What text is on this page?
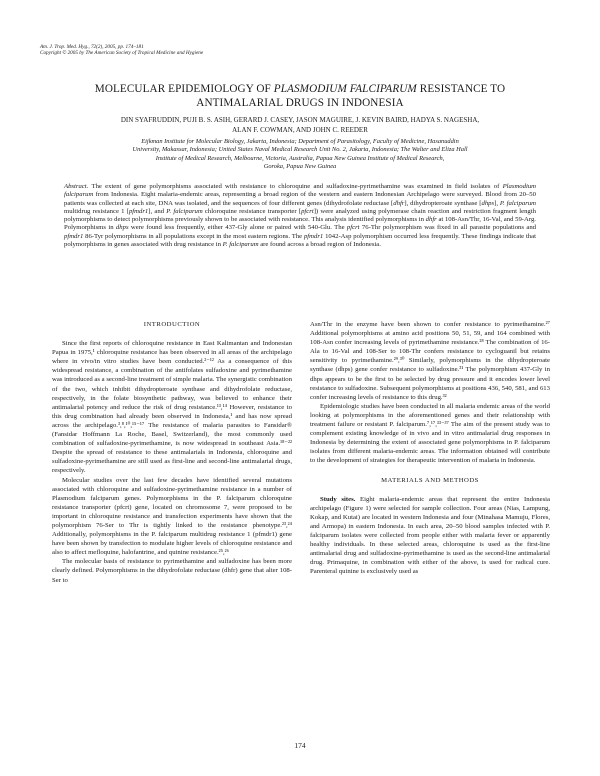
Am. J. Trop. Med. Hyg., 72(2), 2005, pp. 174–181
Copyright © 2005 by The American Society of Tropical Medicine and Hygiene
MOLECULAR EPIDEMIOLOGY OF PLASMODIUM FALCIPARUM RESISTANCE TO
ANTIMALARIAL DRUGS IN INDONESIA
DIN SYAFRUDDIN, PUJI B. S. ASIH, GERARD J. CASEY, JASON MAGUIRE, J. KEVIN BAIRD, HADYA S. NAGESHA,
ALAN F. COWMAN, AND JOHN C. REEDER
Eijkman Institute for Molecular Biology, Jakarta, Indonesia; Department of Parasitology, Faculty of Medicine, Hasanuddin
University, Makassar, Indonesia; United States Naval Medical Research Unit No. 2, Jakarta, Indonesia; The Walter and Eliza Hall
Institute of Medical Research, Melbourne, Victoria, Australia, Papua New Guinea Institute of Medical Research,
Goroka, Papua New Guinea
Abstract. The extent of gene polymorphisms associated with resistance to chloroquine and sulfadoxine-pyrimethamine was examined in field isolates of Plasmodium falciparum from Indonesia. Eight malaria-endemic areas, representing a broad region of the western and eastern Indonesian Archipelago were surveyed. Blood from 20–50 patients was collected at each site, DNA was isolated, and the sequences of four different genes (dihydrofolate reductase [dhfr], dihydropteroate synthase [dhps], P. falciparum multidrug resistance 1 [pfmdr1], and P. falciparum chloroquine resistance transporter [pfcrt]) were analyzed using polymerase chain reaction and restriction fragment length polymorphisms to detect polymorphisms previously shown to be associated with resistance. This analysis identified polymorphisms in dhfr at 108-Asn/Thr, 16-Val, and 59-Arg. Polymorphisms in dhps were found less frequently, either 437-Gly alone or paired with 540-Glu. The pfcrt 76-Thr polymorphism was fixed in all parasite populations and pfmdr1 86-Tyr polymorphisms in all populations except in the most eastern regions. The pfmdr1 1042-Asp polymorphism occurred less frequently. These findings indicate that polymorphisms in genes associated with drug resistance in P. falciparum are found across a broad region of Indonesia.
INTRODUCTION

Since the first reports of chloroquine resistance in East Kalimantan and Indonesian Papua in 1975,¹ chloroquine resistance has been observed in all areas of the archipelago where in vivo/in vitro studies have been conducted.²⁻¹² As a consequence of this widespread resistance, a combination of the antifolates sulfadoxine and pyrimethamine was introduced as a second-line treatment of simple malaria. The synergistic combination of the two, which inhibit dihydropteroate synthase and dihydrofolate reductase, respectively, in the folate biosynthetic pathway, was believed to enhance their antimalarial potency and reduce the risk of drug resistance.¹³,¹⁴ However, resistance to this drug combination had already been observed in Indonesia,¹ and has now spread across the archipelago.³,⁸,¹⁰,¹⁵⁻¹⁷ The resistance of malaria parasites to Fansidar® (Fansidar Hoffmann La Roche, Basel, Switzerland), the most commonly used combination of sulfadoxine-pyrimethamine, is now widespread in southeast Asia.¹⁸⁻²² Despite the spread of resistance to these antimalarials in Indonesia, chloroquine and sulfadoxine-pyrimethamine are still used as first-line and second-line antimalarial drugs, respectively.

Molecular studies over the last few decades have identified several mutations associated with chloroquine and sulfadoxine-pyrimethamine resistance in a number of Plasmodium falciparum genes. Polymorphisms in the P. falciparum chloroquine resistance transporter (pfcrt) gene, located on chromosome 7, were proposed to be important in chloroquine resistance and transfection experiments have shown that the polymorphism 76-Ser to Thr is tightly linked to the resistance phenotype.²³,²⁴ Additionally, polymorphisms in the P. falciparum multidrug resistance 1 (pfmdr1) gene have been shown by transfection to modulate higher levels of chloroquine resistance and also to affect mefloquine, halofantrine, and quinine resistance.²⁵,²⁶

The molecular basis of resistance to pyrimethamine and sulfadoxine has been more clearly defined. Polymorphisms in the dihydrofolate reductase (dhfr) gene that alter 108-Ser to

Asn/Thr in the enzyme have been shown to confer resistance to pyrimethamine.²⁷ Additional polymorphisms at amino acid positions 50, 51, 59, and 164 combined with 108-Asn confer increasing levels of pyrimethamine resistance.²⁸ The combination of 16-Ala to 16-Val and 108-Ser to 108-Thr confers resistance to cycloguanil but retains sensitivity to pyrimethamine.²⁹,³⁰ Similarly, polymorphisms in the dihydropteroate synthase (dhps) gene confer resistance to sulfadoxine.³¹ The polymorphism 437-Gly in dhps appears to be the first to be selected by drug pressure and it encodes lower level resistance to sulfadoxine. Subsequent polymorphisms at positions 436, 540, 581, and 613 confer increasing levels of resistance to this drug.³²

Epidemiologic studies have been conducted in all malaria endemic areas of the world looking at polymorphisms in the aforementioned genes and their relationship with treatment failure or resistant P. falciparum.⁷,¹⁷,³³⁻³⁷ The aim of the present study was to complement existing knowledge of in vivo and in vitro antimalarial drug responses in Indonesia by determining the extent of associated gene polymorphisms in P. falciparum isolates from different malaria-endemic areas. The information obtained will contribute to the development of strategies for therapeutic intervention of malaria in Indonesia.

MATERIALS AND METHODS

Study sites. Eight malaria-endemic areas that represent the entire Indonesia archipelago (Figure 1) were selected for sample collection. Four areas (Nias, Lampung, Kokap, and Kutai) are located in western Indonesia and four (Minahasa Mamuju, Flores, and Armopa) in eastern Indonesia. In each area, 20–50 blood samples infected with P. falciparum isolates were collected from people either with malaria fever or apparently healthy individuals. In these selected areas, chloroquine is used as the first-line antimalarial drug and sulfadoxine-pyrimethamine is used as the second-line antimalarial drug. Primaquine, in combination with either of the above, is used for radical cure. Parenteral quinine is exclusively used as

174
